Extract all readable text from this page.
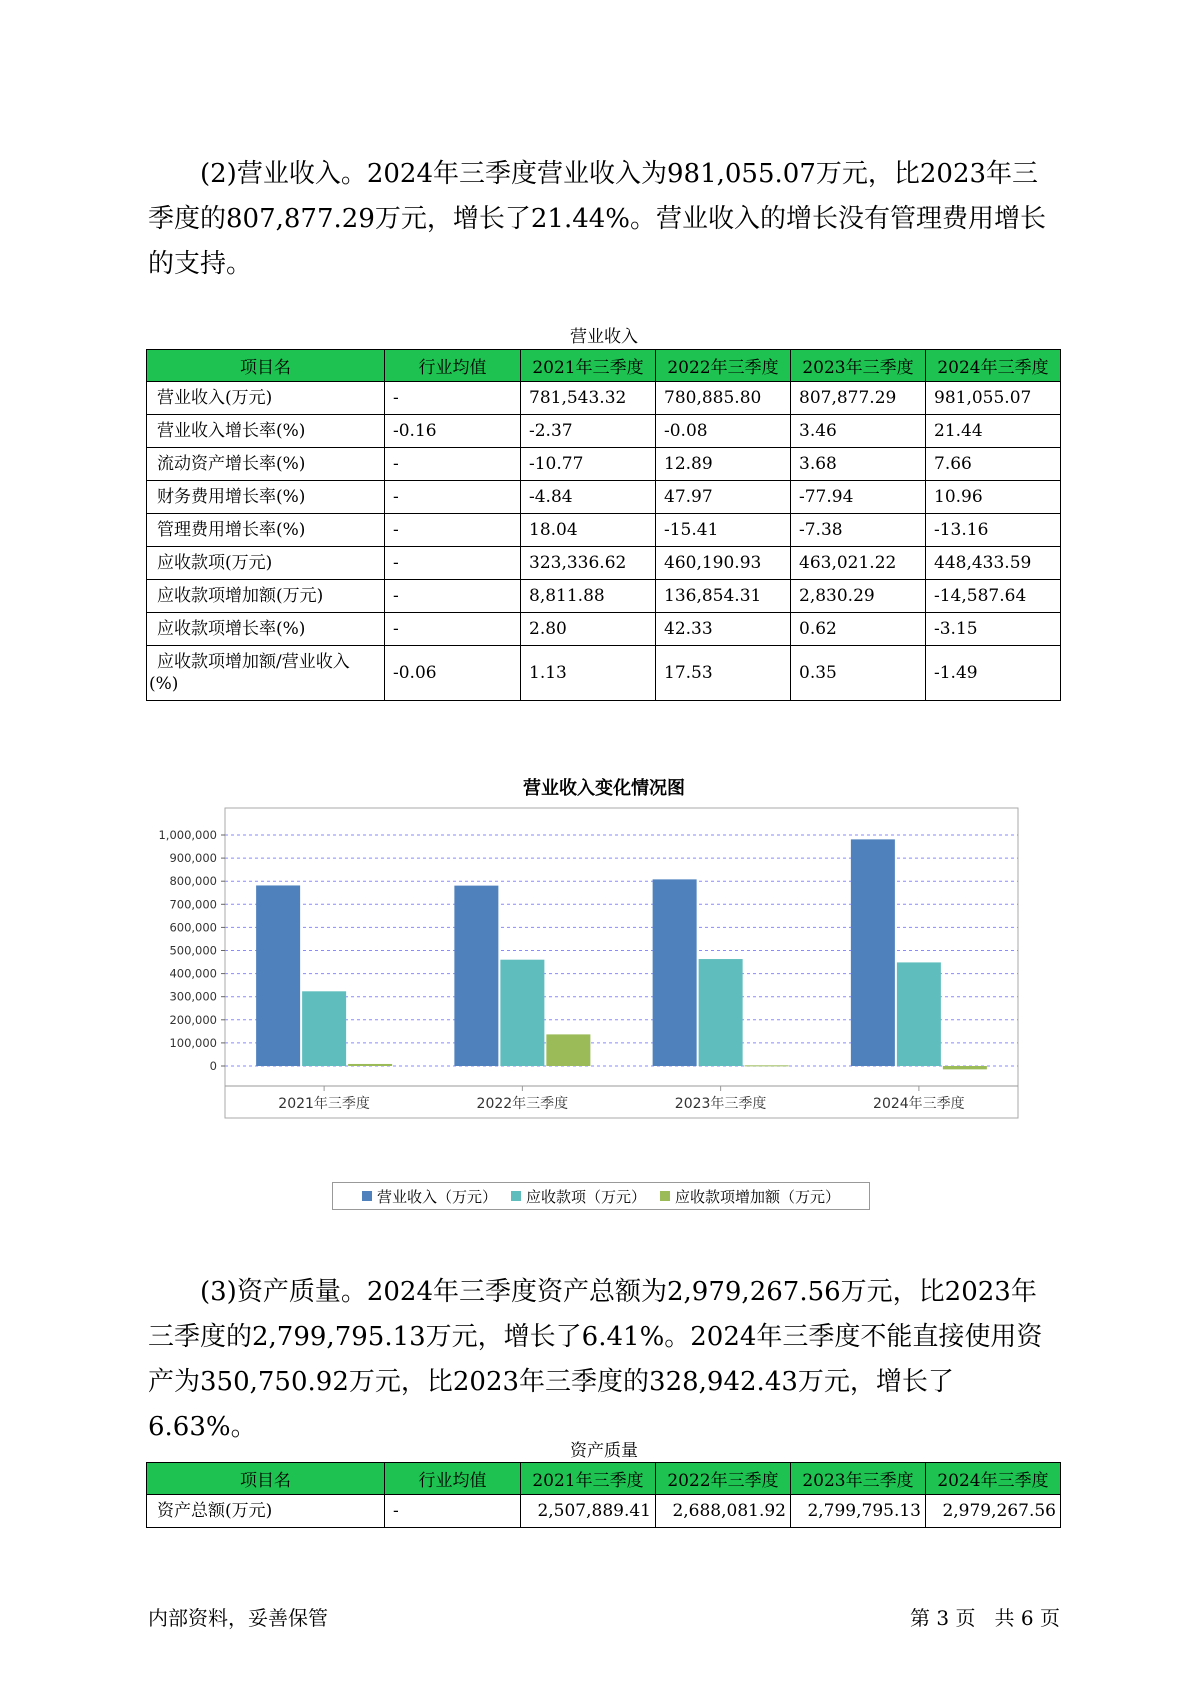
(2)营业收入。2024年三季度营业收入为981,055.07万元，比2023年三季度的807,877.29万元，增长了21.44%。营业收入的增长没有管理费用增长的支持。

营业收入
项目名	行业均值	2021年三季度	2022年三季度	2023年三季度	2024年三季度
营业收入(万元)	-	781,543.32	780,885.80	807,877.29	981,055.07
营业收入增长率(%)	-0.16	-2.37	-0.08	3.46	21.44
流动资产增长率(%)	-	-10.77	12.89	3.68	7.66
财务费用增长率(%)	-	-4.84	47.97	-77.94	10.96
管理费用增长率(%)	-	18.04	-15.41	-7.38	-13.16
应收款项(万元)	-	323,336.62	460,190.93	463,021.22	448,433.59
应收款项增加额(万元)	-	8,811.88	136,854.31	2,830.29	-14,587.64
应收款项增长率(%)	-	2.80	42.33	0.62	-3.15
应收款项增加额/营业收入(%)	-0.06	1.13	17.53	0.35	-1.49
营业收入变化情况图
0
100,000
200,000
300,000
400,000
500,000
600,000
700,000
800,000
900,000
1,000,000
2021年三季度	2022年三季度	2023年三季度	2024年三季度
营业收入（万元） 应收款项（万元） 应收款项增加额（万元）

(3)资产质量。2024年三季度资产总额为2,979,267.56万元，比2023年三季度的2,799,795.13万元，增长了6.41%。2024年三季度不能直接使用资产为350,750.92万元，比2023年三季度的328,942.43万元，增长了6.63%。

资产质量
项目名	行业均值	2021年三季度	2022年三季度	2023年三季度	2024年三季度
资产总额(万元)	-	2,507,889.41	2,688,081.92	2,799,795.13	2,979,267.56
内部资料，妥善保管	第 3 页   共 6 页
